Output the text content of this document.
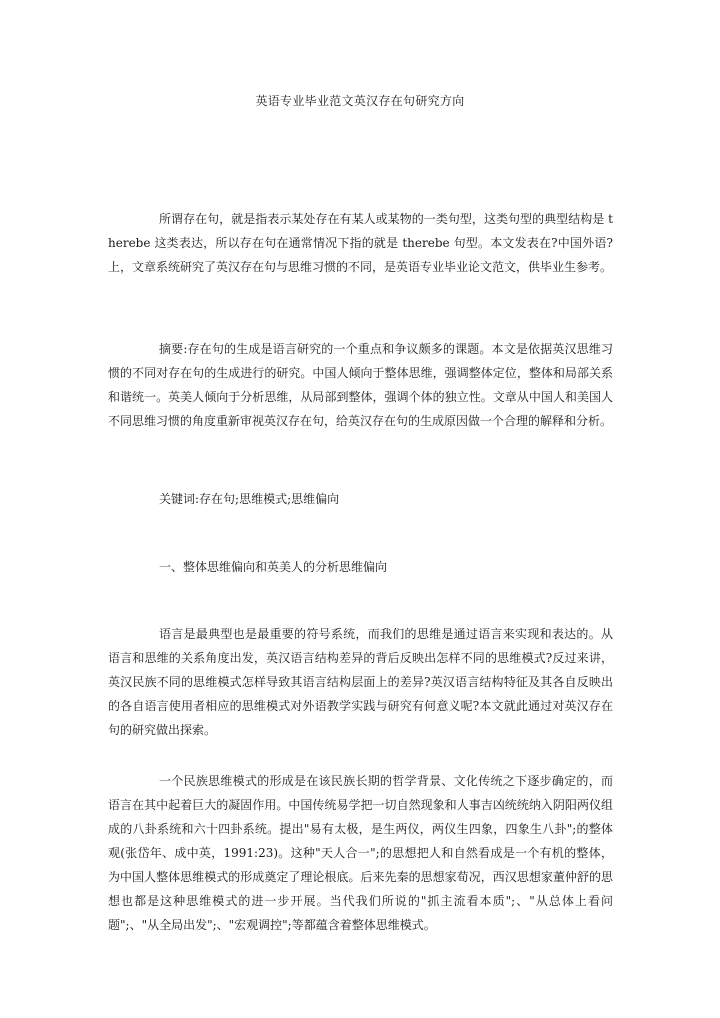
英语专业毕业范文英汉存在句研究方向

所谓存在句，就是指表示某处存在有某人或某物的一类句型，这类句型的典型结构是 therebe 这类表达，所以存在句在通常情况下指的就是 therebe 句型。本文发表在?中国外语?上，文章系统研究了英汉存在句与思维习惯的不同，是英语专业毕业论文范文，供毕业生参考。

摘要:存在句的生成是语言研究的一个重点和争议颇多的课题。本文是依据英汉思维习惯的不同对存在句的生成进行的研究。中国人倾向于整体思维，强调整体定位，整体和局部关系和谐统一。英美人倾向于分析思维，从局部到整体，强调个体的独立性。文章从中国人和美国人不同思维习惯的角度重新审视英汉存在句，给英汉存在句的生成原因做一个合理的解释和分析。

关键词:存在句;思维模式;思维偏向

一、整体思维偏向和英美人的分析思维偏向

语言是最典型也是最重要的符号系统，而我们的思维是通过语言来实现和表达的。从语言和思维的关系角度出发，英汉语言结构差异的背后反映出怎样不同的思维模式?反过来讲，英汉民族不同的思维模式怎样导致其语言结构层面上的差异?英汉语言结构特征及其各自反映出的各自语言使用者相应的思维模式对外语教学实践与研究有何意义呢?本文就此通过对英汉存在句的研究做出探索。

一个民族思维模式的形成是在该民族长期的哲学背景、文化传统之下逐步确定的，而语言在其中起着巨大的凝固作用。中国传统易学把一切自然现象和人事吉凶统统纳入阴阳两仪组成的八卦系统和六十四卦系统。提出"易有太极，是生两仪，两仪生四象，四象生八卦";的整体观(张岱年、成中英，1991:23)。这种"天人合一";的思想把人和自然看成是一个有机的整体，为中国人整体思维模式的形成奠定了理论根底。后来先秦的思想家荀况，西汉思想家董仲舒的思想也都是这种思维模式的进一步开展。当代我们所说的"抓主流看本质";、"从总体上看问题";、"从全局出发";、"宏观调控";等都蕴含着整体思维模式。
